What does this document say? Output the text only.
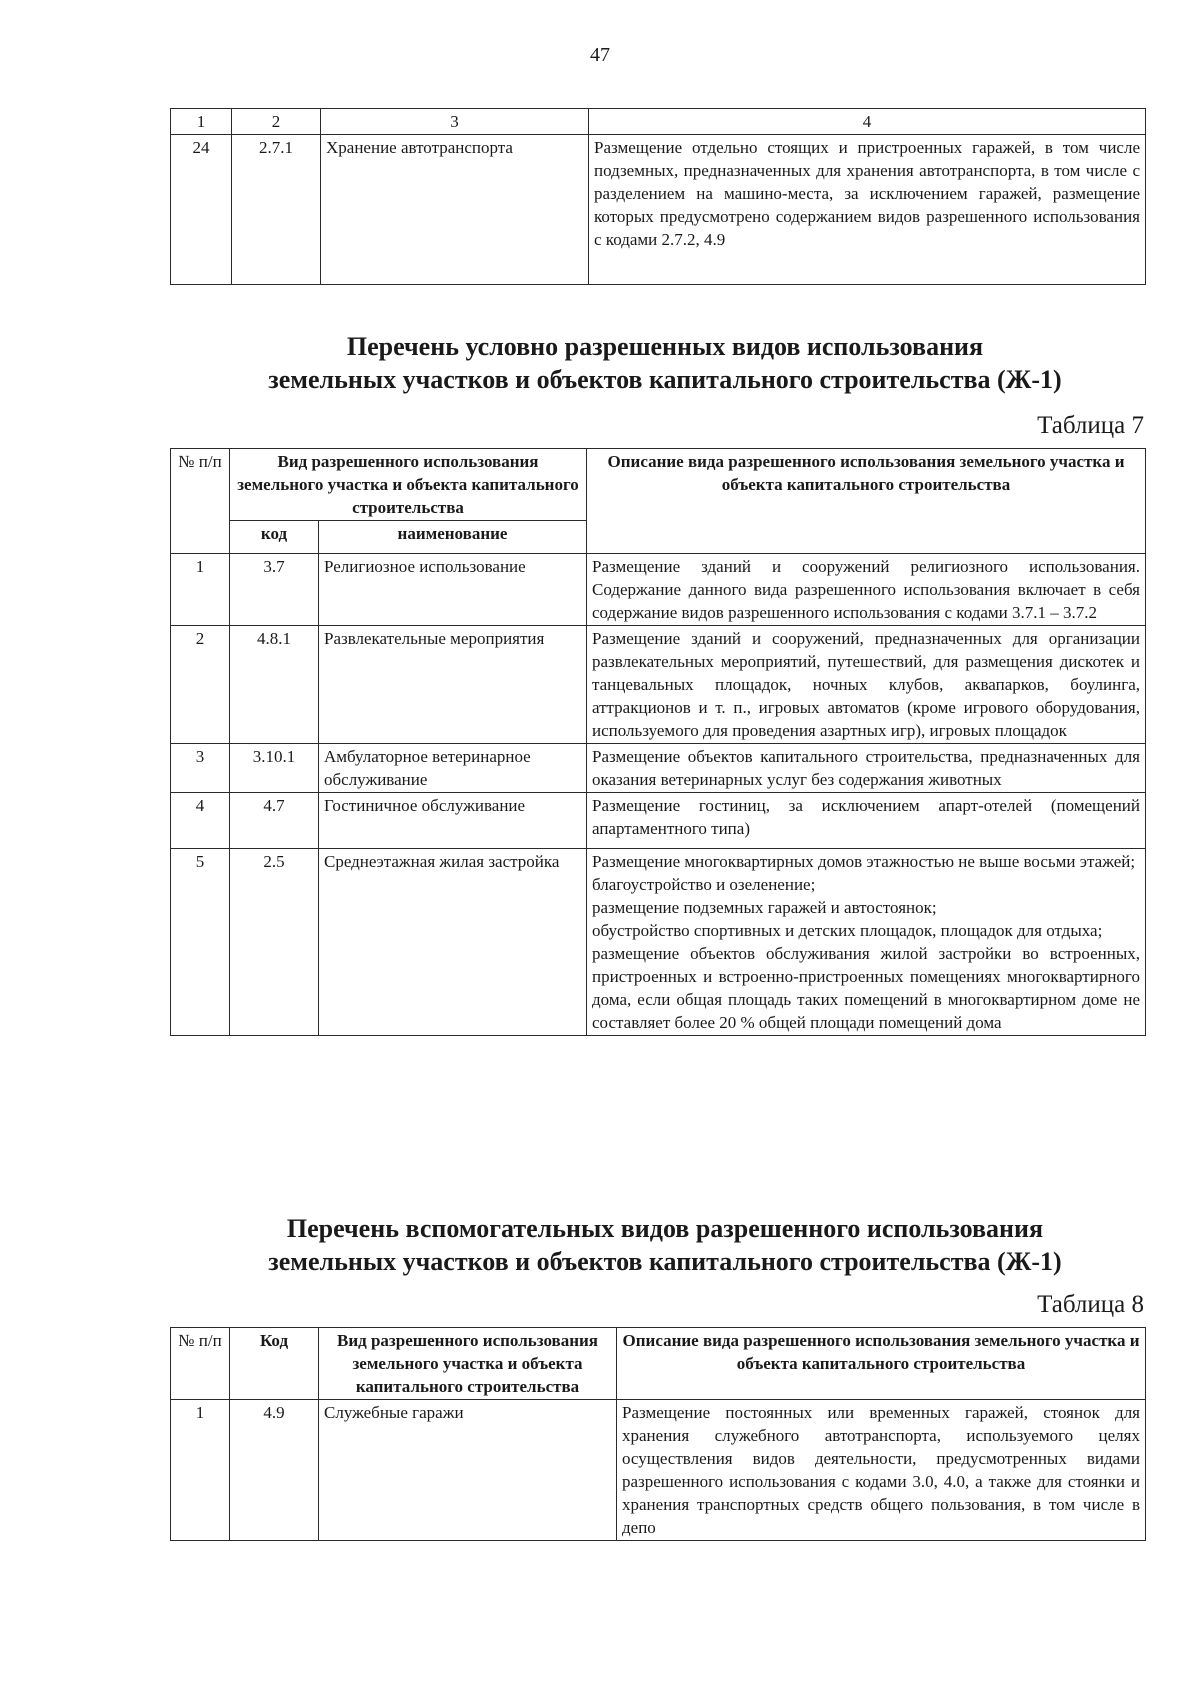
47
1	2	3	4
24	2.7.1	Хранение автотранспорта	Размещение отдельно стоящих и пристроенных гаражей, в том числе подземных, предназначенных для хранения автотранспорта, в том числе с разделением на машино-места, за исключением гаражей, размещение которых предусмотрено содержанием видов разрешенного использования с кодами 2.7.2, 4.9
Перечень условно разрешенных видов использования
земельных участков и объектов капитального строительства (Ж-1)
Таблица 7
№ п/п	Вид разрешенного использования земельного участка и объекта капитального строительства		Описание вида разрешенного использования земельного участка и объекта капитального строительства
	код	наименование	
1	3.7	Религиозное использование	Размещение зданий и сооружений религиозного использования. Содержание данного вида разрешенного использования включает в себя содержание видов разрешенного использования с кодами 3.7.1 – 3.7.2
2	4.8.1	Развлекательные мероприятия	Размещение зданий и сооружений, предназначенных для организации развлекательных мероприятий, путешествий, для размещения дискотек и танцевальных площадок, ночных клубов, аквапарков, боулинга, аттракционов и т. п., игровых автоматов (кроме игрового оборудования, используемого для проведения азартных игр), игровых площадок
3	3.10.1	Амбулаторное ветеринарное обслуживание	Размещение объектов капитального строительства, предназначенных для оказания ветеринарных услуг без содержания животных
4	4.7	Гостиничное обслуживание	Размещение гостиниц, за исключением апарт-отелей (помещений апартаментного типа)
5	2.5	Среднеэтажная жилая застройка	Размещение многоквартирных домов этажностью не выше восьми этажей;
благоустройство и озеленение;
размещение подземных гаражей и автостоянок;
обустройство спортивных и детских площадок, площадок для отдыха;
размещение объектов обслуживания жилой застройки во встроенных, пристроенных и встроенно-пристроенных помещениях многоквартирного дома, если общая площадь таких помещений в многоквартирном доме не составляет более 20 % общей площади помещений дома
Перечень вспомогательных видов разрешенного использования
земельных участков и объектов капитального строительства (Ж-1)
Таблица 8
№ п/п	Код	Вид разрешенного использования земельного участка и объекта капитального строительства	Описание вида разрешенного использования земельного участка и объекта капитального строительства
1	4.9	Служебные гаражи	Размещение постоянных или временных гаражей, стоянок для хранения служебного автотранспорта, используемого целях осуществления видов деятельности, предусмотренных видами разрешенного использования с кодами 3.0, 4.0, а также для стоянки и хранения транспортных средств общего пользования, в том числе в депо
